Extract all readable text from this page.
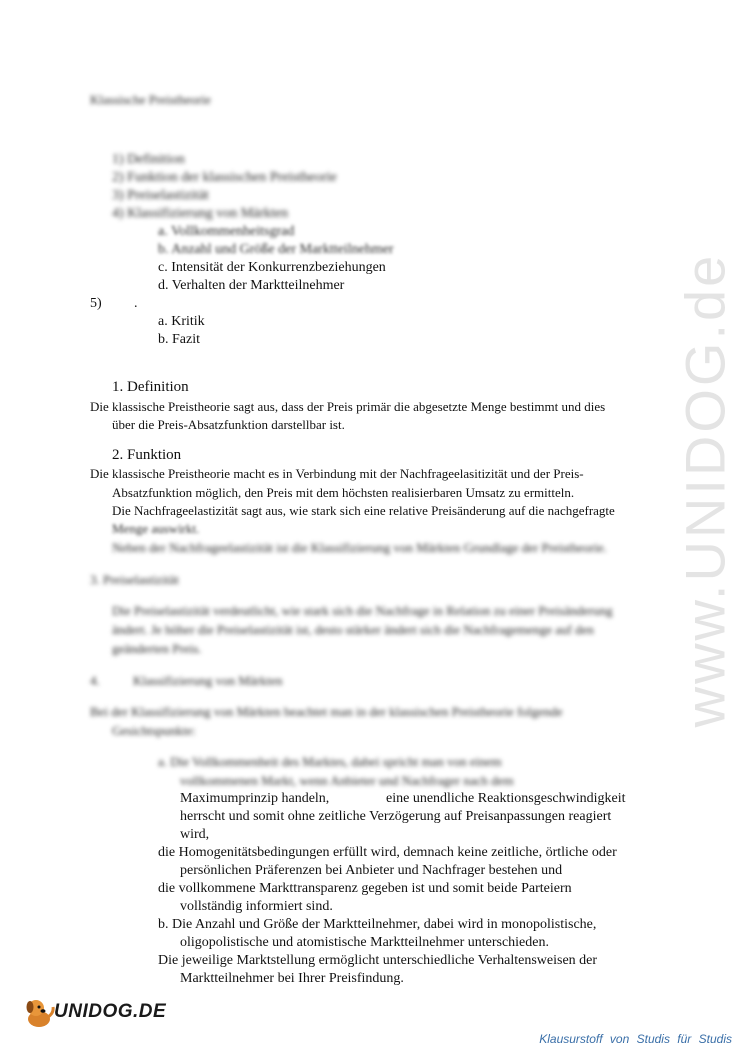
Klassische Preistheorie
1) Definition
2) Funktion der klassischen Preistheorie
3) Preiselastizität
4) Klassifizierung von Märkten
a. Vollkommenheitsgrad
b. Anzahl und Größe der Marktteilnehmer
c. Intensität der Konkurrenzbeziehungen
d. Verhalten der Marktteilnehmer
5) .
a. Kritik
b. Fazit
1. Definition
Die klassische Preistheorie sagt aus, dass der Preis primär die abgesetzte Menge bestimmt und dies
über die Preis-Absatzfunktion darstellbar ist.
2. Funktion
Die klassische Preistheorie macht es in Verbindung mit der Nachfrageelasitizität und der Preis-
Absatzfunktion möglich, den Preis mit dem höchsten realisierbaren Umsatz zu ermitteln.
Die Nachfrageelastizität sagt aus, wie stark sich eine relative Preisänderung auf die nachgefragte
Menge auswirkt.
Neben der Nachfrageelastizität ist die Klassifizierung von Märkten Grundlage der Preistheorie.
3. Preiselastizität
Die Preiselastizität verdeutlicht, wie stark sich die Nachfrage in Relation zu einer Preisänderung
ändert. Je höher die Preiselastizität ist, desto stärker ändert sich die Nachfragemenge auf den
geänderten Preis.
4.	Klassifizierung von Märkten
Bei der Klassifizierung von Märkten beachtet man in der klassischen Preistheorie folgende
Gesichtspunkte:
a. Die Vollkommenheit des Marktes, dabei spricht man von einem
vollkommenen Markt, wenn Anbieter und Nachfrager nach dem
Maximumprinzip handeln,	eine unendliche Reaktionsgeschwindigkeit
herrscht und somit ohne zeitliche Verzögerung auf Preisanpassungen reagiert
wird,
die Homogenitätsbedingungen erfüllt wird, demnach keine zeitliche, örtliche oder
persönlichen Präferenzen bei Anbieter und Nachfrager bestehen und
die vollkommene Markttransparenz gegeben ist und somit beide Parteiern
vollständig informiert sind.
b. Die Anzahl und Größe der Marktteilnehmer, dabei wird in monopolistische,
oligopolistische und atomistische Marktteilnehmer unterschieden.
Die jeweilige Marktstellung ermöglicht unterschiedliche Verhaltensweisen der
Marktteilnehmer bei Ihrer Preisfindung.
www.UNIDOG.de
UNIDOG.DE
Klausurstoff von Studis für Studis
